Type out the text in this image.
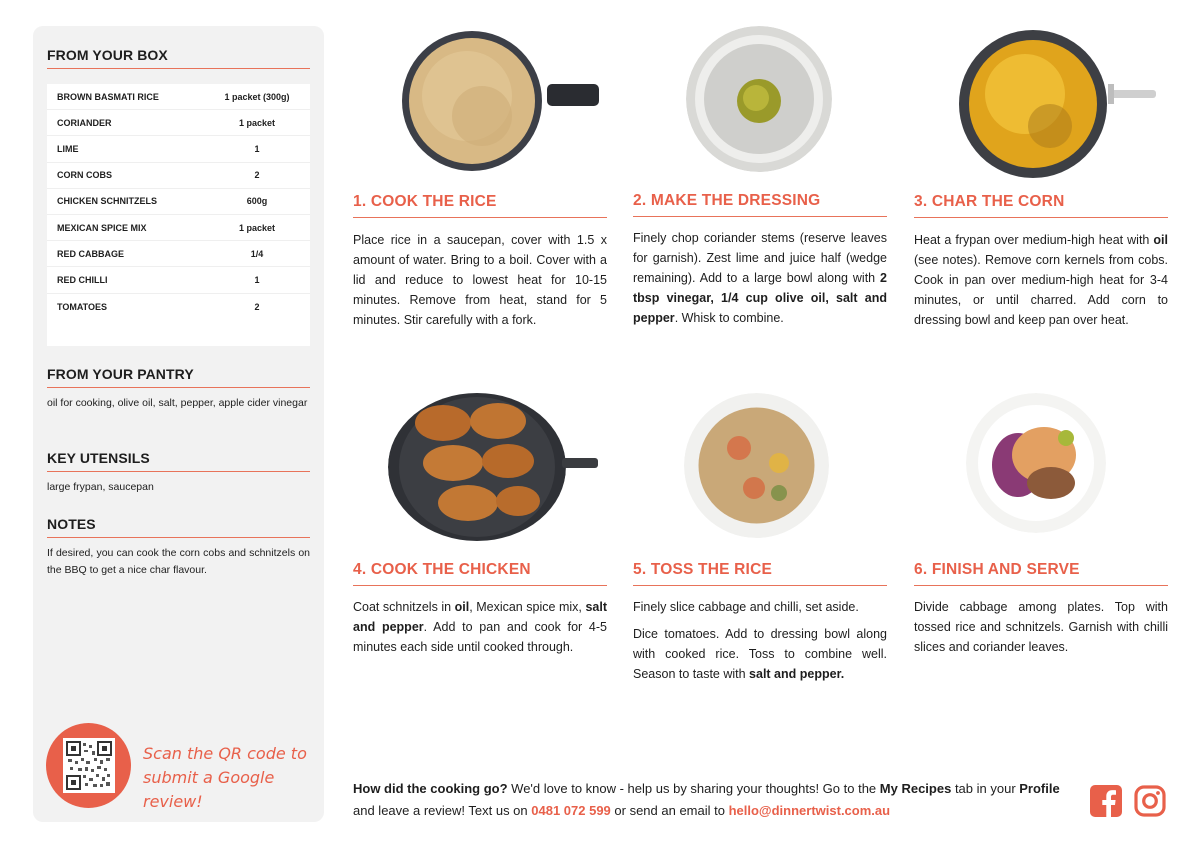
FROM YOUR BOX
BROWN BASMATI RICE	1 packet (300g)
CORIANDER	1 packet
LIME	1
CORN COBS	2
CHICKEN SCHNITZELS	600g
MEXICAN SPICE MIX	1 packet
RED CABBAGE	1/4
RED CHILLI	1
TOMATOES	2
FROM YOUR PANTRY
oil for cooking, olive oil, salt, pepper, apple cider vinegar
KEY UTENSILS
large frypan, saucepan
NOTES
If desired, you can cook the corn cobs and schnitzels on the BBQ to get a nice char flavour.
Scan the QR code to
submit a Google review!
1. COOK THE RICE

Place rice in a saucepan, cover with 1.5 x amount of water. Bring to a boil. Cover with a lid and reduce to lowest heat for 10-15 minutes. Remove from heat, stand for 5 minutes. Stir carefully with a fork.

2. MAKE THE DRESSING

Finely chop coriander stems (reserve leaves for garnish). Zest lime and juice half (wedge remaining). Add to a large bowl along with 2 tbsp vinegar, 1/4 cup olive oil, salt and pepper. Whisk to combine.

3. CHAR THE CORN

Heat a frypan over medium-high heat with oil (see notes). Remove corn kernels from cobs. Cook in pan over medium-high heat for 3-4 minutes, or until charred. Add corn to dressing bowl and keep pan over heat.

4. COOK THE CHICKEN

Coat schnitzels in oil, Mexican spice mix, salt and pepper. Add to pan and cook for 4-5 minutes each side until cooked through.

5. TOSS THE RICE

Finely slice cabbage and chilli, set aside.

Dice tomatoes. Add to dressing bowl along with cooked rice. Toss to combine well. Season to taste with salt and pepper.

6. FINISH AND SERVE

Divide cabbage among plates. Top with tossed rice and schnitzels. Garnish with chilli slices and coriander leaves.

How did the cooking go? We'd love to know - help us by sharing your thoughts! Go to the My Recipes tab in your Profile and leave a review! Text us on 0481 072 599 or send an email to hello@dinnertwist.com.au
